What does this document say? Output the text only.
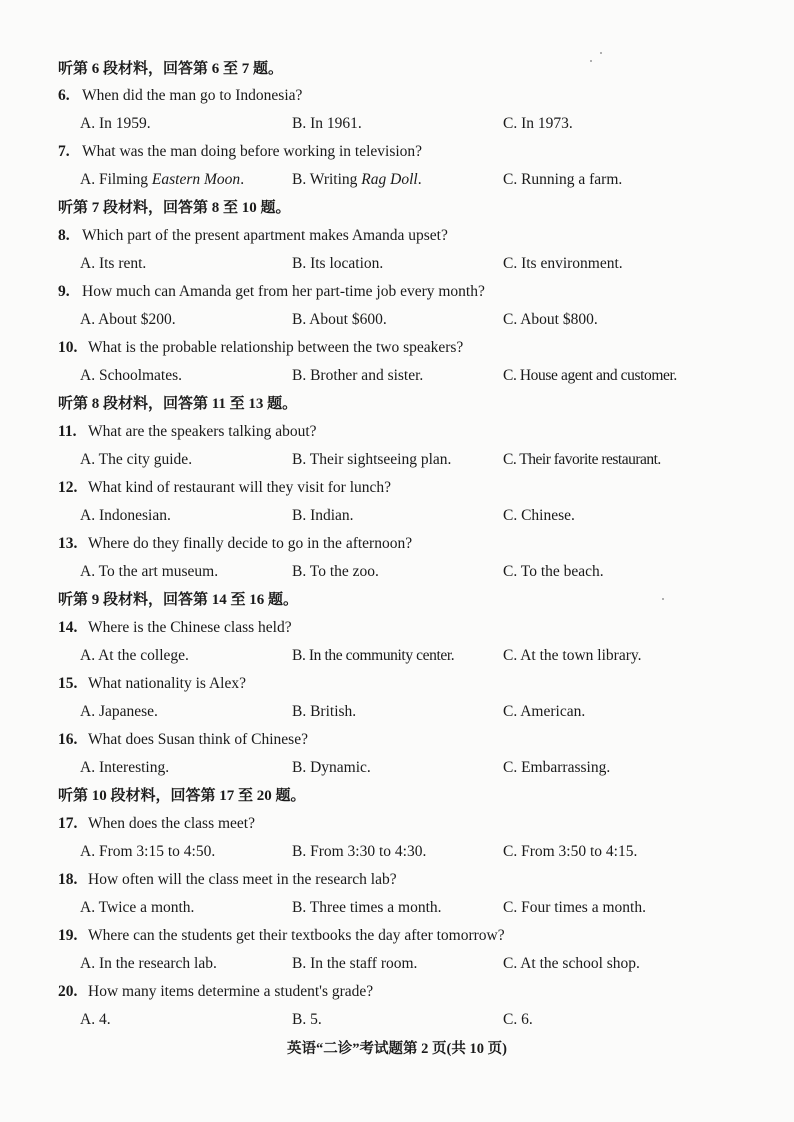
听第 6 段材料，回答第 6 至 7 题。
6. When did the man go to Indonesia?
A. In 1959.	B. In 1961.	C. In 1973.
7. What was the man doing before working in television?
A. Filming Eastern Moon.	B. Writing Rag Doll.	C. Running a farm.
听第 7 段材料，回答第 8 至 10 题。
8. Which part of the present apartment makes Amanda upset?
A. Its rent.	B. Its location.	C. Its environment.
9. How much can Amanda get from her part-time job every month?
A. About $200.	B. About $600.	C. About $800.
10. What is the probable relationship between the two speakers?
A. Schoolmates.	B. Brother and sister.	C. House agent and customer.
听第 8 段材料，回答第 11 至 13 题。
11. What are the speakers talking about?
A. The city guide.	B. Their sightseeing plan.	C. Their favorite restaurant.
12. What kind of restaurant will they visit for lunch?
A. Indonesian.	B. Indian.	C. Chinese.
13. Where do they finally decide to go in the afternoon?
A. To the art museum.	B. To the zoo.	C. To the beach.
听第 9 段材料，回答第 14 至 16 题。
14. Where is the Chinese class held?
A. At the college.	B. In the community center.	C. At the town library.
15. What nationality is Alex?
A. Japanese.	B. British.	C. American.
16. What does Susan think of Chinese?
A. Interesting.	B. Dynamic.	C. Embarrassing.
听第 10 段材料，回答第 17 至 20 题。
17. When does the class meet?
A. From 3:15 to 4:50.	B. From 3:30 to 4:30.	C. From 3:50 to 4:15.
18. How often will the class meet in the research lab?
A. Twice a month.	B. Three times a month.	C. Four times a month.
19. Where can the students get their textbooks the day after tomorrow?
A. In the research lab.	B. In the staff room.	C. At the school shop.
20. How many items determine a student's grade?
A. 4.	B. 5.	C. 6.
英语“二诊”考试题第 2 页(共 10 页)
